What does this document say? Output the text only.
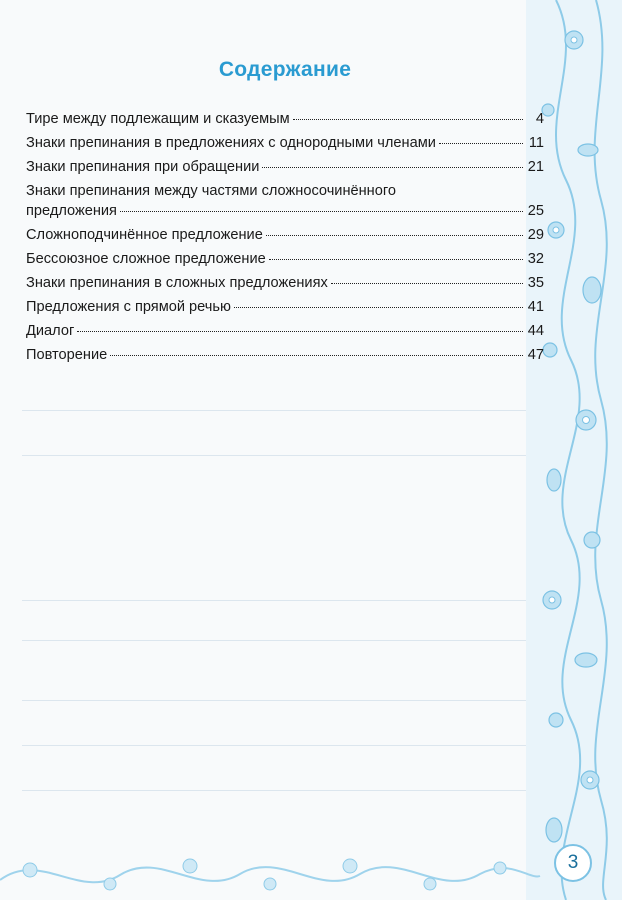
Содержание
Тире между подлежащим и сказуемым	4
Знаки препинания в предложениях с однородными членами	11
Знаки препинания при обращении	21
Знаки препинания между частями сложносочинённого
предложения	25
Сложноподчинённое предложение	29
Бессоюзное сложное предложение	32
Знаки препинания в сложных предложениях	35
Предложения с прямой речью	41
Диалог	44
Повторение	47
3
